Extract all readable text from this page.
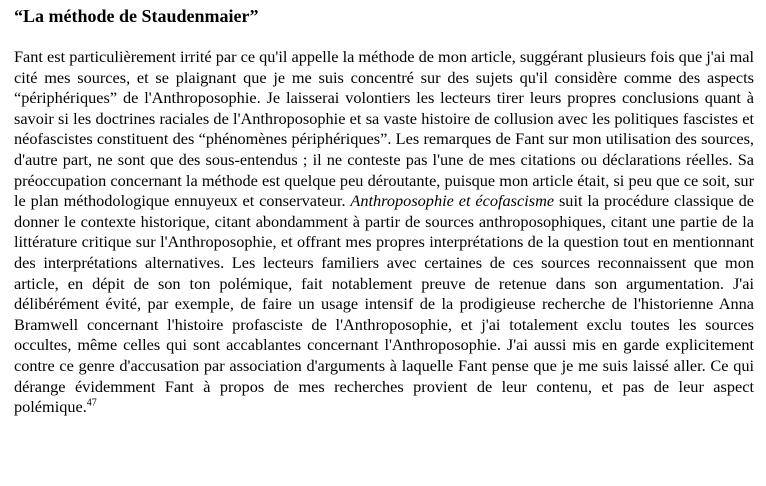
“La méthode de Staudenmaier”

Fant est particulièrement irrité par ce qu'il appelle la méthode de mon article, suggérant plusieurs fois que j'ai mal cité mes sources, et se plaignant que je me suis concentré sur des sujets qu'il considère comme des aspects “périphériques” de l'Anthroposophie. Je laisserai volontiers les lecteurs tirer leurs propres conclusions quant à savoir si les doctrines raciales de l'Anthroposophie et sa vaste histoire de collusion avec les politiques fascistes et néofascistes constituent des “phénomènes périphériques”. Les remarques de Fant sur mon utilisation des sources, d'autre part, ne sont que des sous-entendus ; il ne conteste pas l'une de mes citations ou déclarations réelles. Sa préoccupation concernant la méthode est quelque peu déroutante, puisque mon article était, si peu que ce soit, sur le plan méthodologique ennuyeux et conservateur. Anthroposophie et écofascisme suit la procédure classique de donner le contexte historique, citant abondamment à partir de sources anthroposophiques, citant une partie de la littérature critique sur l'Anthroposophie, et offrant mes propres interprétations de la question tout en mentionnant des interprétations alternatives. Les lecteurs familiers avec certaines de ces sources reconnaissent que mon article, en dépit de son ton polémique, fait notablement preuve de retenue dans son argumentation. J'ai délibérément évité, par exemple, de faire un usage intensif de la prodigieuse recherche de l'historienne Anna Bramwell concernant l'histoire profasciste de l'Anthroposophie, et j'ai totalement exclu toutes les sources occultes, même celles qui sont accablantes concernant l'Anthroposophie. J'ai aussi mis en garde explicitement contre ce genre d'accusation par association d'arguments à laquelle Fant pense que je me suis laissé aller. Ce qui dérange évidemment Fant à propos de mes recherches provient de leur contenu, et pas de leur aspect polémique.$^{47}$
